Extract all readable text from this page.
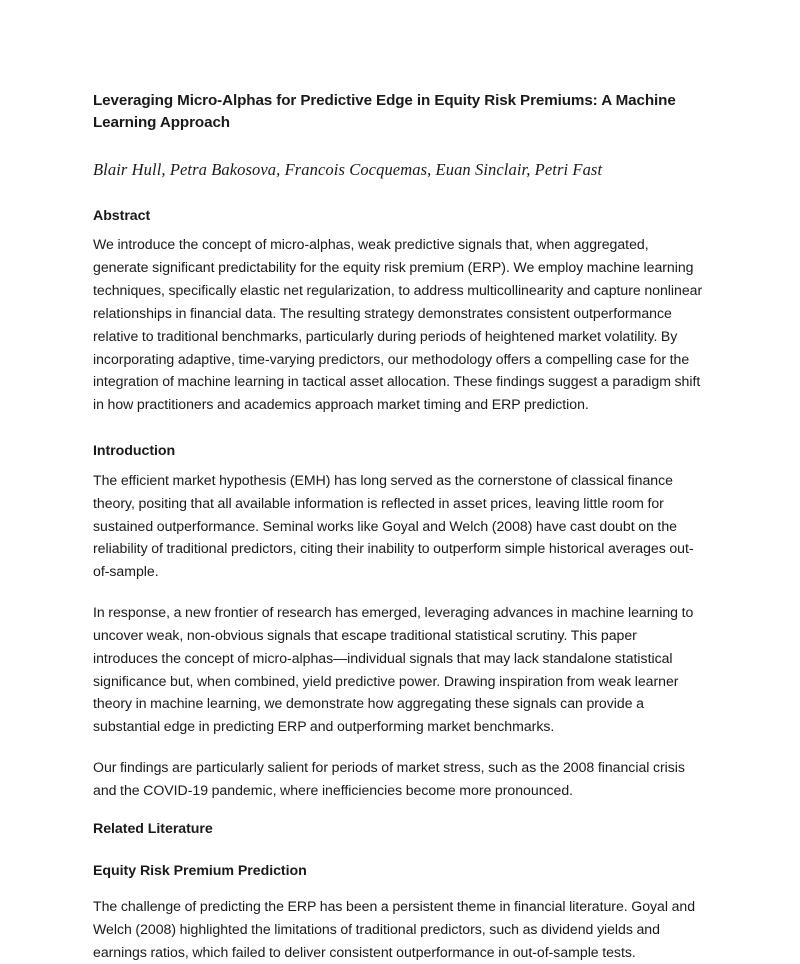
Leveraging Micro-Alphas for Predictive Edge in Equity Risk Premiums: A Machine Learning Approach
Blair Hull, Petra Bakosova, Francois Cocquemas, Euan Sinclair, Petri Fast
Abstract

We introduce the concept of micro-alphas, weak predictive signals that, when aggregated, generate significant predictability for the equity risk premium (ERP). We employ machine learning techniques, specifically elastic net regularization, to address multicollinearity and capture nonlinear relationships in financial data. The resulting strategy demonstrates consistent outperformance relative to traditional benchmarks, particularly during periods of heightened market volatility. By incorporating adaptive, time-varying predictors, our methodology offers a compelling case for the integration of machine learning in tactical asset allocation. These findings suggest a paradigm shift in how practitioners and academics approach market timing and ERP prediction.

Introduction

The efficient market hypothesis (EMH) has long served as the cornerstone of classical finance theory, positing that all available information is reflected in asset prices, leaving little room for sustained outperformance. Seminal works like Goyal and Welch (2008) have cast doubt on the reliability of traditional predictors, citing their inability to outperform simple historical averages out-of-sample.

In response, a new frontier of research has emerged, leveraging advances in machine learning to uncover weak, non-obvious signals that escape traditional statistical scrutiny. This paper introduces the concept of micro-alphas—individual signals that may lack standalone statistical significance but, when combined, yield predictive power. Drawing inspiration from weak learner theory in machine learning, we demonstrate how aggregating these signals can provide a substantial edge in predicting ERP and outperforming market benchmarks.

Our findings are particularly salient for periods of market stress, such as the 2008 financial crisis and the COVID-19 pandemic, where inefficiencies become more pronounced.

Related Literature
Equity Risk Premium Prediction

The challenge of predicting the ERP has been a persistent theme in financial literature. Goyal and Welch (2008) highlighted the limitations of traditional predictors, such as dividend yields and earnings ratios, which failed to deliver consistent outperformance in out-of-sample tests.
